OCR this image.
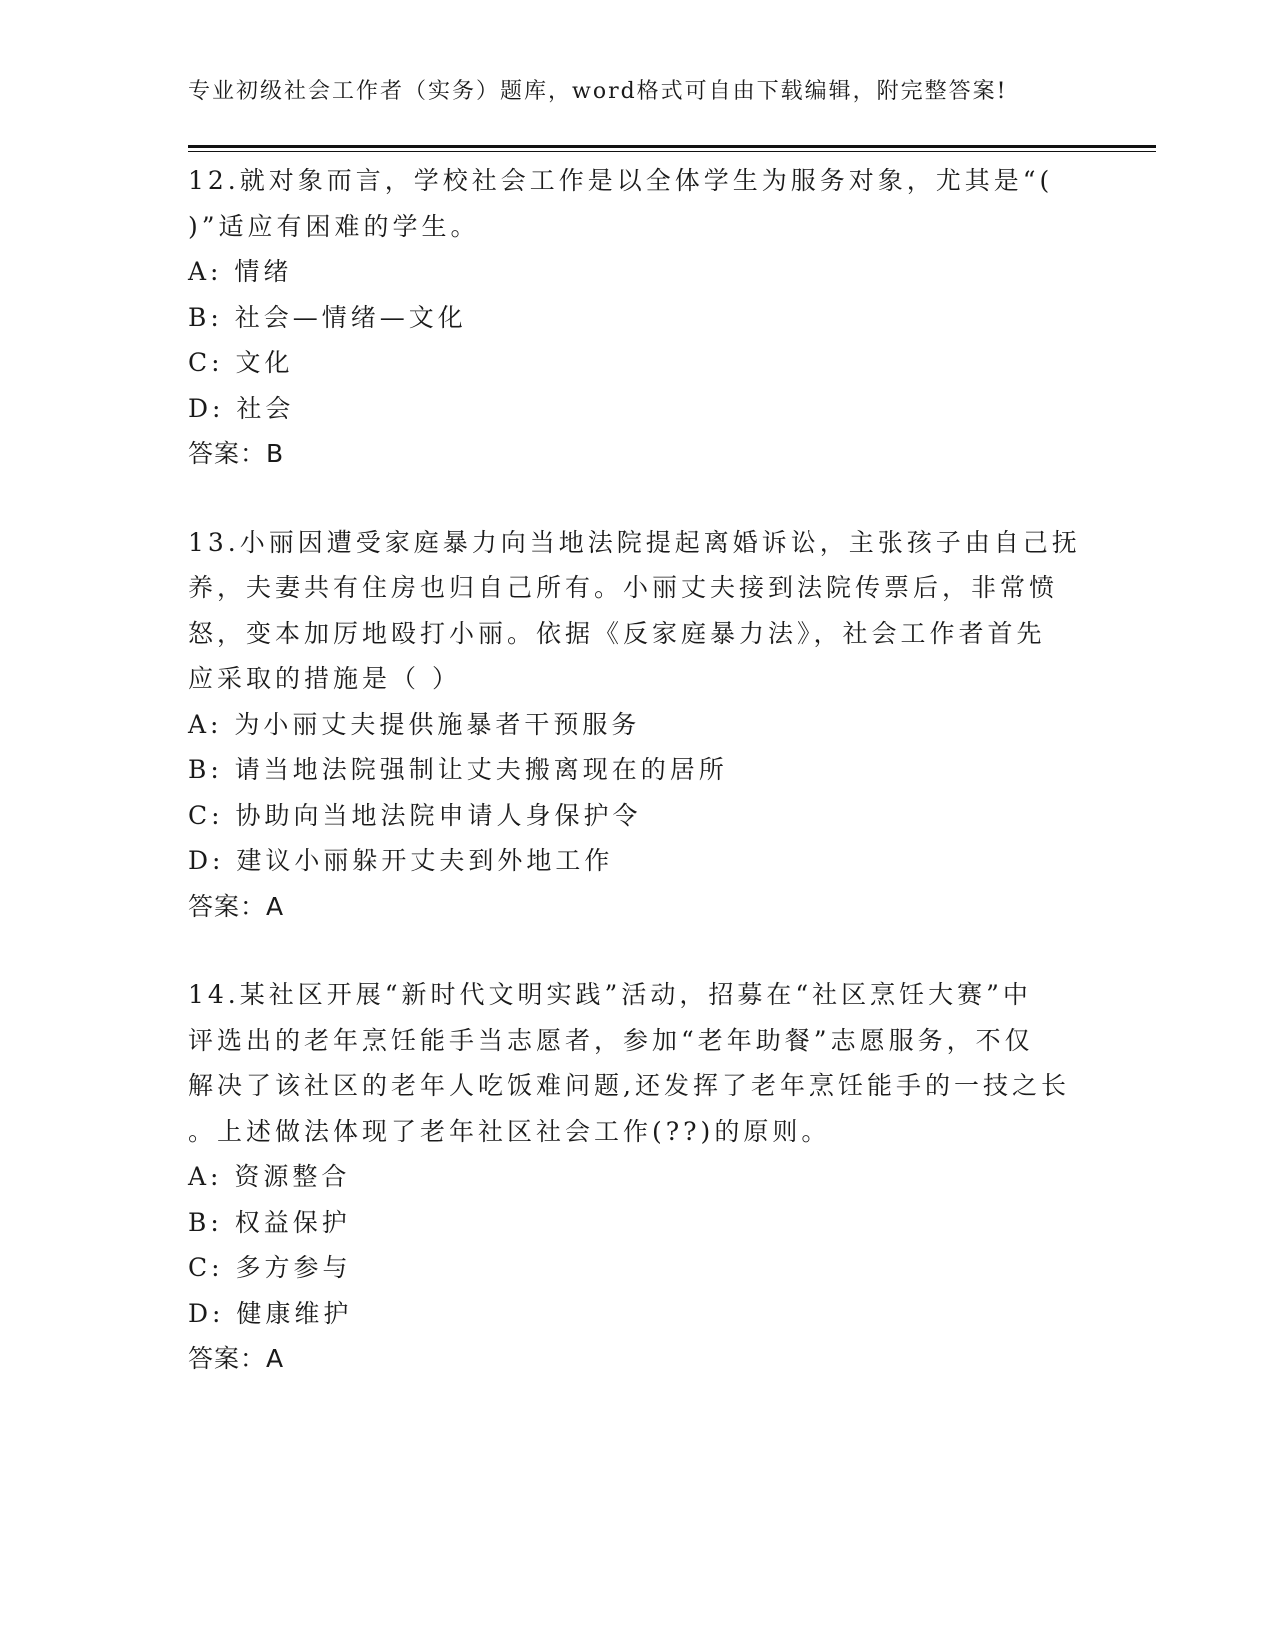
专业初级社会工作者（实务）题库，word格式可自由下载编辑，附完整答案!
12.就对象而言，学校社会工作是以全体学生为服务对象，尤其是“(
)”适应有困难的学生。
A: 情绪
B: 社会—情绪—文化
C: 文化
D: 社会
答案：B
13.小丽因遭受家庭暴力向当地法院提起离婚诉讼，主张孩子由自己抚
养，夫妻共有住房也归自己所有。小丽丈夫接到法院传票后，非常愤
怒，变本加厉地殴打小丽。依据《反家庭暴力法》，社会工作者首先
应采取的措施是（ ）
A: 为小丽丈夫提供施暴者干预服务
B: 请当地法院强制让丈夫搬离现在的居所
C: 协助向当地法院申请人身保护令
D: 建议小丽躲开丈夫到外地工作
答案：A
14.某社区开展“新时代文明实践”活动，招募在“社区烹饪大赛”中
评选出的老年烹饪能手当志愿者，参加“老年助餐”志愿服务，不仅
解决了该社区的老年人吃饭难问题,还发挥了老年烹饪能手的一技之长
。上述做法体现了老年社区社会工作(??)的原则。
A: 资源整合
B: 权益保护
C: 多方参与
D: 健康维护
答案：A
